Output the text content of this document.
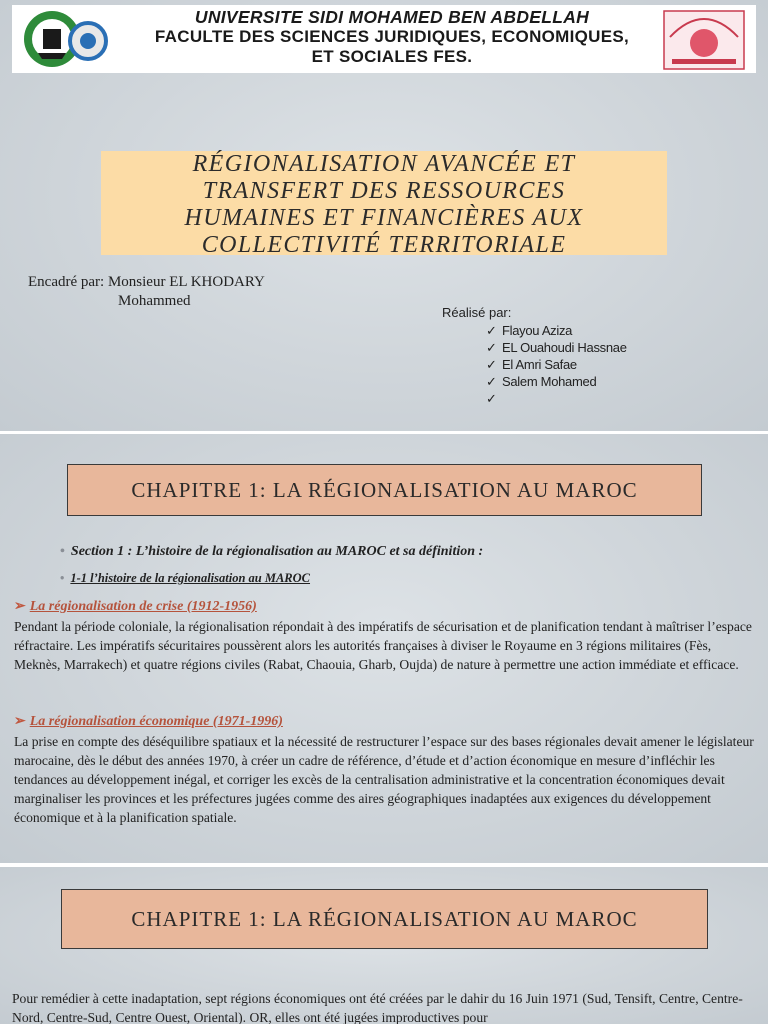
UNIVERSITE SIDI MOHAMED BEN ABDELLAH
FACULTE DES SCIENCES JURIDIQUES, ECONOMIQUES,
ET SOCIALES FES.
RÉGIONALISATION AVANCÉE ET
TRANSFERT DES RESSOURCES
HUMAINES ET FINANCIÈRES AUX
COLLECTIVITÉ TERRITORIALE
Encadré par: Monsieur EL KHODARY
Mohammed
Réalisé par:
✓ Flayou Aziza
✓ EL Ouahoudi Hassnae
✓ El Amri Safae
✓ Salem Mohamed
✓
CHAPITRE 1: LA RÉGIONALISATION AU MAROC
• Section 1 : L’histoire de la régionalisation au MAROC et sa définition :
• 1-1 l’histoire de la régionalisation au MAROC
➢ La régionalisation de crise (1912-1956)

Pendant la période coloniale, la régionalisation répondait à des impératifs de sécurisation et de planification tendant à maîtriser l’espace réfractaire. Les impératifs sécuritaires poussèrent alors les autorités françaises à diviser le Royaume en 3 régions militaires (Fès, Meknès, Marrakech) et quatre régions civiles (Rabat, Chaouia, Gharb, Oujda) de nature à permettre une action immédiate et efficace.

➢ La régionalisation économique (1971-1996)

La prise en compte des déséquilibre spatiaux et la nécessité de restructurer l’espace sur des bases régionales devait amener le législateur marocaine, dès le début des années 1970, à créer un cadre de référence, d’étude et d’action économique en mesure d’infléchir les tendances au développement inégal, et corriger les excès de la centralisation administrative et la concentration économiques devait marginaliser les provinces et les préfectures jugées comme des aires géographiques inadaptées aux exigences du développement économique et à la planification spatiale.

CHAPITRE 1: LA RÉGIONALISATION AU MAROC

Pour remédier à cette inadaptation, sept régions économiques ont été créées par le dahir du 16 Juin 1971 (Sud, Tensift, Centre, Centre-Nord, Centre-Sud, Centre Ouest, Oriental). OR, elles ont été jugées improductives pour
